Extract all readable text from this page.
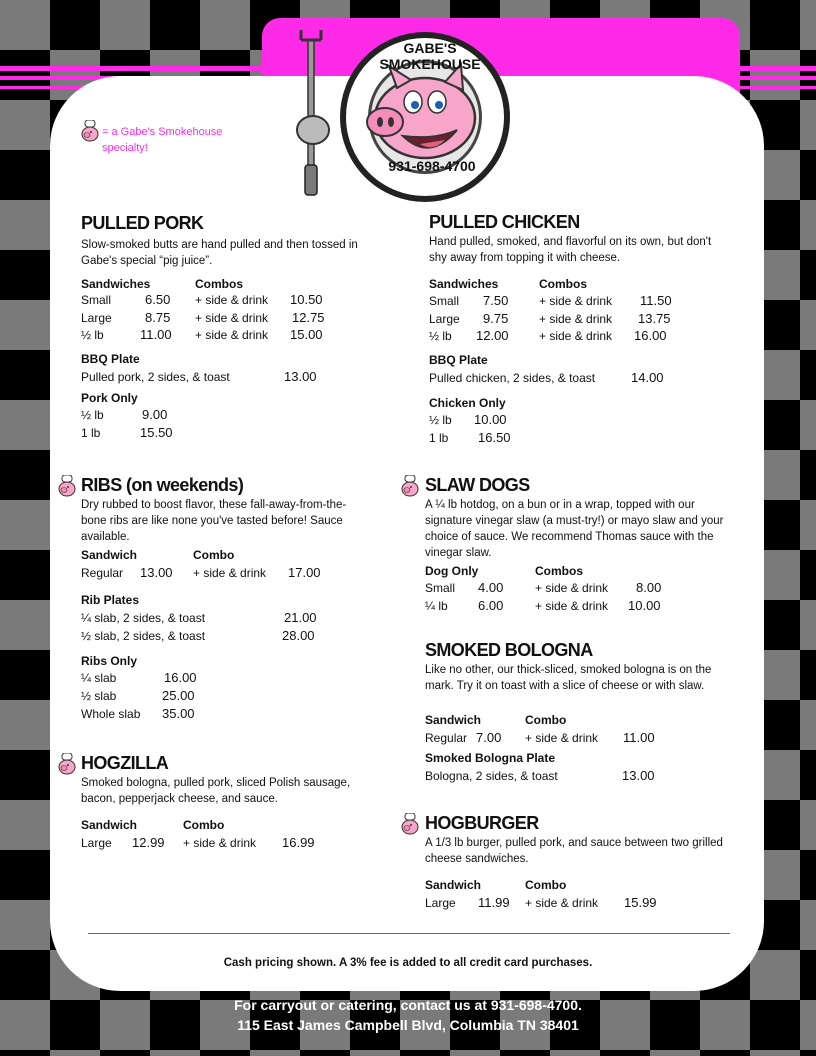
GABE'S SMOKEHOUSE
931-698-4700
= a Gabe's Smokehouse specialty!
PULLED PORK
Slow-smoked butts are hand pulled and then tossed in Gabe's special “pig juice”.
Sandwiches	Combos
Small	6.50 + side & drink 10.50
Large	8.75 + side & drink 12.75
½ lb	11.00 + side & drink 15.00
BBQ Plate
Pulled pork, 2 sides, & toast	13.00
Pork Only
½ lb	9.00
1 lb	15.50
PULLED CHICKEN
Hand pulled, smoked, and flavorful on its own, but don't shy away from topping it with cheese.
Sandwiches	Combos
Small 7.50	+ side & drink 11.50
Large 9.75	+ side & drink 13.75
½ lb 12.00	+ side & drink 16.00
BBQ Plate
Pulled chicken, 2 sides, & toast	14.00
Chicken Only
½ lb 10.00
1 lb 16.50
RIBS (on weekends)
Dry rubbed to boost flavor, these fall-away-from-the-bone ribs are like none you've tasted before! Sauce available.
Sandwich	Combo
Regular 13.00 + side & drink 17.00
Rib Plates
¼ slab, 2 sides, & toast	21.00
½ slab, 2 sides, & toast	28.00
Ribs Only
¼ slab	16.00
½ slab	25.00
Whole slab 35.00
SLAW DOGS
A ¼ lb hotdog, on a bun or in a wrap, topped with our signature vinegar slaw (a must-try!) or mayo slaw and your choice of sauce. We recommend Thomas sauce with the vinegar slaw.
Dog Only	Combos
Small 4.00	+ side & drink 8.00
¼ lb 6.00	+ side & drink 10.00
SMOKED BOLOGNA
Like no other, our thick-sliced, smoked bologna is on the mark. Try it on toast with a slice of cheese or with slaw.
Sandwich	Combo
Regular 7.00 + side & drink 11.00
Smoked Bologna Plate
Bologna, 2 sides, & toast	13.00
HOGZILLA
Smoked bologna, pulled pork, sliced Polish sausage, bacon, pepperjack cheese, and sauce.
Sandwich	Combo
Large 12.99 + side & drink 16.99
HOGBURGER
A 1/3 lb burger, pulled pork, and sauce between two grilled cheese sandwiches.
Sandwich	Combo
Large 11.99 + side & drink 15.99
Cash pricing shown. A 3% fee is added to all credit card purchases.
For carryout or catering, contact us at 931-698-4700.
115 East James Campbell Blvd, Columbia TN 38401
